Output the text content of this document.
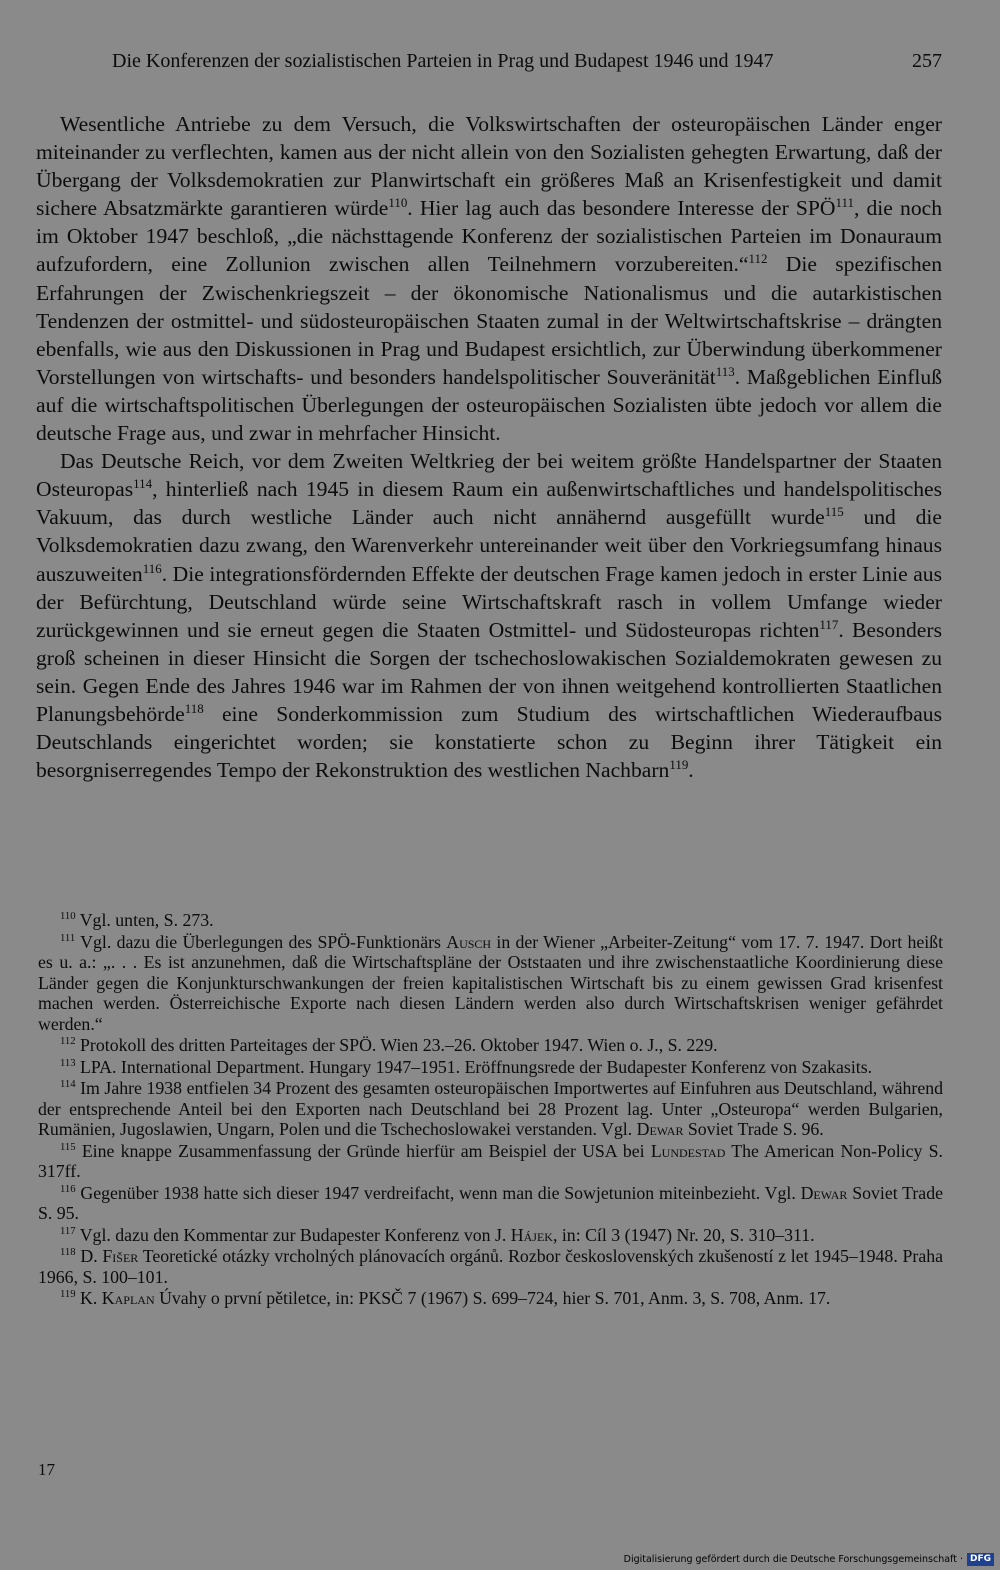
Die Konferenzen der sozialistischen Parteien in Prag und Budapest 1946 und 1947	257

Wesentliche Antriebe zu dem Versuch, die Volkswirtschaften der osteuropäischen Länder enger miteinander zu verflechten, kamen aus der nicht allein von den Sozialisten gehegten Erwartung, daß der Übergang der Volksdemokratien zur Planwirtschaft ein größeres Maß an Krisenfestigkeit und damit sichere Absatzmärkte garantieren würde$^{110}$. Hier lag auch das besondere Interesse der SPÖ$^{111}$, die noch im Oktober 1947 beschloß, „die nächsttagende Konferenz der sozialistischen Parteien im Donauraum aufzufordern, eine Zollunion zwischen allen Teilnehmern vorzubereiten.“$^{112}$ Die spezifischen Erfahrungen der Zwischenkriegszeit – der ökonomische Nationalismus und die autarkistischen Tendenzen der ostmittel- und südosteuropäischen Staaten zumal in der Weltwirtschaftskrise – drängten ebenfalls, wie aus den Diskussionen in Prag und Budapest ersichtlich, zur Überwindung überkommener Vorstellungen von wirtschafts- und besonders handelspolitischer Souveränität$^{113}$. Maßgeblichen Einfluß auf die wirtschaftspolitischen Überlegungen der osteuropäischen Sozialisten übte jedoch vor allem die deutsche Frage aus, und zwar in mehrfacher Hinsicht.

Das Deutsche Reich, vor dem Zweiten Weltkrieg der bei weitem größte Handelspartner der Staaten Osteuropas$^{114}$, hinterließ nach 1945 in diesem Raum ein außenwirtschaftliches und handelspolitisches Vakuum, das durch westliche Länder auch nicht annähernd ausgefüllt wurde$^{115}$ und die Volksdemokratien dazu zwang, den Warenverkehr untereinander weit über den Vorkriegsumfang hinaus auszuweiten$^{116}$. Die integrationsfördernden Effekte der deutschen Frage kamen jedoch in erster Linie aus der Befürchtung, Deutschland würde seine Wirtschaftskraft rasch in vollem Umfange wieder zurückgewinnen und sie erneut gegen die Staaten Ostmittel- und Südosteuropas richten$^{117}$. Besonders groß scheinen in dieser Hinsicht die Sorgen der tschechoslowakischen Sozialdemokraten gewesen zu sein. Gegen Ende des Jahres 1946 war im Rahmen der von ihnen weitgehend kontrollierten Staatlichen Planungsbehörde$^{118}$ eine Sonderkommission zum Studium des wirtschaftlichen Wiederaufbaus Deutschlands eingerichtet worden; sie konstatierte schon zu Beginn ihrer Tätigkeit ein besorgniserregendes Tempo der Rekonstruktion des westlichen Nachbarn$^{119}$.

$^{110}$ Vgl. unten, S. 273.

$^{111}$ Vgl. dazu die Überlegungen des SPÖ-Funktionärs Ausch in der Wiener „Arbeiter-Zeitung“ vom 17. 7. 1947. Dort heißt es u. a.: „. . . Es ist anzunehmen, daß die Wirtschaftspläne der Oststaaten und ihre zwischenstaatliche Koordinierung diese Länder gegen die Konjunkturschwankungen der freien kapitalistischen Wirtschaft bis zu einem gewissen Grad krisenfest machen werden. Österreichische Exporte nach diesen Ländern werden also durch Wirtschaftskrisen weniger gefährdet werden.“

$^{112}$ Protokoll des dritten Parteitages der SPÖ. Wien 23.–26. Oktober 1947. Wien o. J., S. 229.

$^{113}$ LPA. International Department. Hungary 1947–1951. Eröffnungsrede der Budapester Konferenz von Szakasits.

$^{114}$ Im Jahre 1938 entfielen 34 Prozent des gesamten osteuropäischen Importwertes auf Einfuhren aus Deutschland, während der entsprechende Anteil bei den Exporten nach Deutschland bei 28 Prozent lag. Unter „Osteuropa“ werden Bulgarien, Rumänien, Jugoslawien, Ungarn, Polen und die Tschechoslowakei verstanden. Vgl. Dewar Soviet Trade S. 96.

$^{115}$ Eine knappe Zusammenfassung der Gründe hierfür am Beispiel der USA bei Lundestad The American Non-Policy S. 317ff.

$^{116}$ Gegenüber 1938 hatte sich dieser 1947 verdreifacht, wenn man die Sowjetunion miteinbezieht. Vgl. Dewar Soviet Trade S. 95.

$^{117}$ Vgl. dazu den Kommentar zur Budapester Konferenz von J. Hájek, in: Cíl 3 (1947) Nr. 20, S. 310–311.

$^{118}$ D. Fišer Teoretické otázky vrcholných plánovacích orgánů. Rozbor československých zkušeností z let 1945–1948. Praha 1966, S. 100–101.

$^{119}$ K. Kaplan Úvahy o první pětiletce, in: PKSČ 7 (1967) S. 699–724, hier S. 701, Anm. 3, S. 708, Anm. 17.

17
Digitalisierung gefördert durch die Deutsche Forschungsgemeinschaft · DFG
